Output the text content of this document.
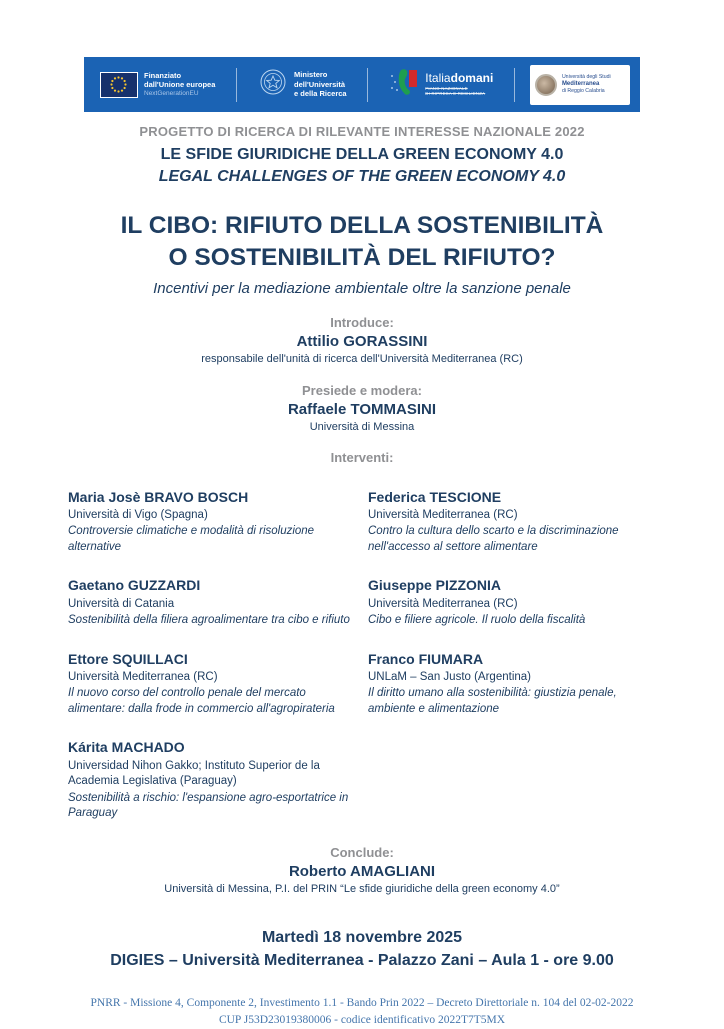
Finanziato
dall'Unione europea
NextGenerationEU
Ministero
dell'Università
e della Ricerca
Italiadomani
PIANO NAZIONALE
DI RIPRESA E RESILIENZA
Università degli Studi
Mediterranea
di Reggio Calabria
PROGETTO DI RICERCA DI RILEVANTE INTERESSE NAZIONALE 2022
LE SFIDE GIURIDICHE DELLA GREEN ECONOMY 4.0
LEGAL CHALLENGES OF THE GREEN ECONOMY 4.0
IL CIBO: RIFIUTO DELLA SOSTENIBILITÀ
O SOSTENIBILITÀ DEL RIFIUTO?
Incentivi per la mediazione ambientale oltre la sanzione penale
Introduce:
Attilio GORASSINI
responsabile dell'unità di ricerca dell'Università Mediterranea (RC)
Presiede e modera:
Raffaele TOMMASINI
Università di Messina
Interventi:
Maria Josè BRAVO BOSCH
Università di Vigo (Spagna)
Controversie climatiche e modalità di risoluzione alternative
Federica TESCIONE
Università Mediterranea (RC)
Contro la cultura dello scarto e la discriminazione nell'accesso al settore alimentare
Gaetano GUZZARDI
Università di Catania
Sostenibilità della filiera agroalimentare tra cibo e rifiuto
Giuseppe PIZZONIA
Università Mediterranea (RC)
Cibo e filiere agricole. Il ruolo della fiscalità
Ettore SQUILLACI
Università Mediterranea (RC)
Il nuovo corso del controllo penale del mercato alimentare: dalla frode in commercio all'agropirateria
Franco FIUMARA
UNLaM – San Justo (Argentina)
Il diritto umano alla sostenibilità: giustizia penale, ambiente e alimentazione
Kárita MACHADO
Universidad Nihon Gakko; Instituto Superior de la Academia Legislativa (Paraguay)
Sostenibilità a rischio: l'espansione agro-esportatrice in Paraguay
Conclude:
Roberto AMAGLIANI
Università di Messina, P.I. del PRIN “Le sfide giuridiche della green economy 4.0”
Martedì 18 novembre 2025
DIGIES – Università Mediterranea - Palazzo Zani – Aula 1 - ore 9.00
PNRR - Missione 4, Componente 2, Investimento 1.1 - Bando Prin 2022 – Decreto Direttoriale n. 104 del 02-02-2022
CUP J53D23019380006 - codice identificativo 2022T7T5MX
